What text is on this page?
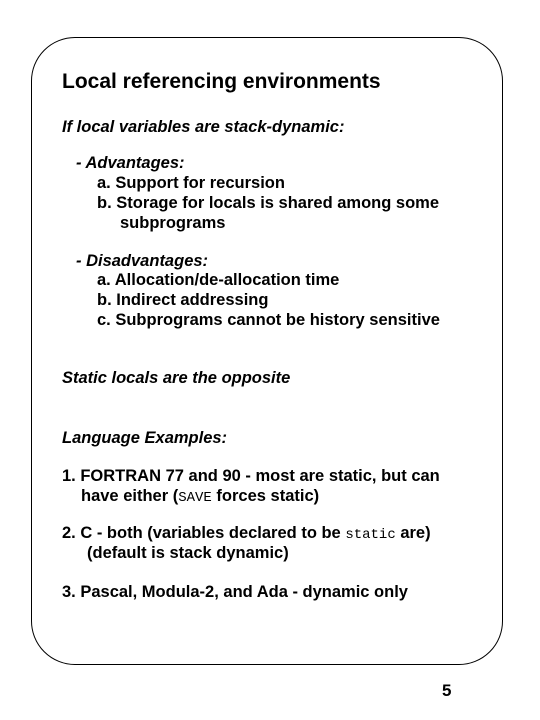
Local referencing environments
If local variables are stack-dynamic:
- Advantages:
a. Support for recursion
b. Storage for locals is shared among some
subprograms
- Disadvantages:
a. Allocation/de-allocation time
b. Indirect addressing
c. Subprograms cannot be history sensitive
Static locals are the opposite
Language Examples:
1. FORTRAN 77 and 90 - most are static, but can
have either (SAVE forces static)
2. C - both (variables declared to be static are)
(default is stack dynamic)
3. Pascal, Modula-2, and Ada - dynamic only
5
